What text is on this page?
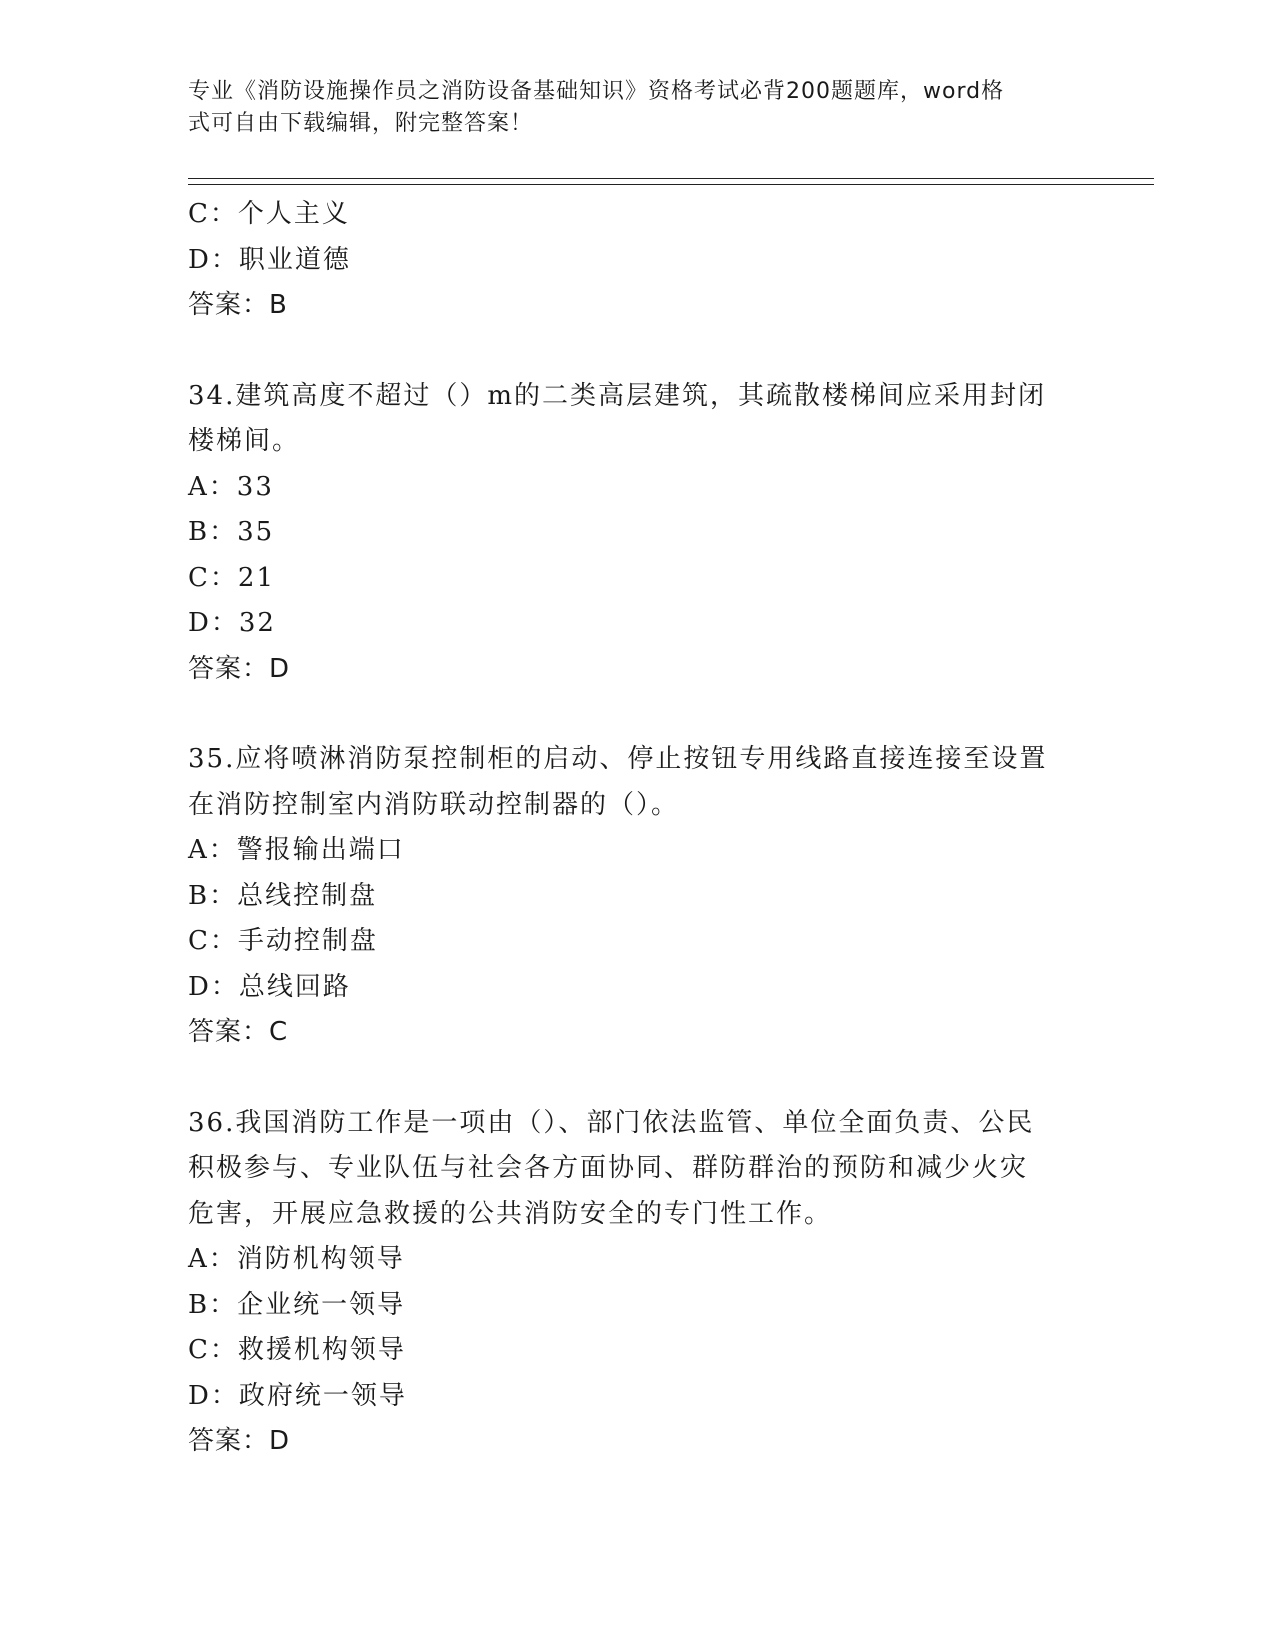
专业《消防设施操作员之消防设备基础知识》资格考试必背200题题库，word格
式可自由下载编辑，附完整答案！
C：个人主义
D：职业道德
答案：B
34.建筑高度不超过（）m的二类高层建筑，其疏散楼梯间应采用封闭
楼梯间。
A：33
B：35
C：21
D：32
答案：D
35.应将喷淋消防泵控制柜的启动、停止按钮专用线路直接连接至设置
在消防控制室内消防联动控制器的（）。
A：警报输出端口
B：总线控制盘
C：手动控制盘
D：总线回路
答案：C
36.我国消防工作是一项由（）、部门依法监管、单位全面负责、公民
积极参与、专业队伍与社会各方面协同、群防群治的预防和减少火灾
危害，开展应急救援的公共消防安全的专门性工作。
A：消防机构领导
B：企业统一领导
C：救援机构领导
D：政府统一领导
答案：D
